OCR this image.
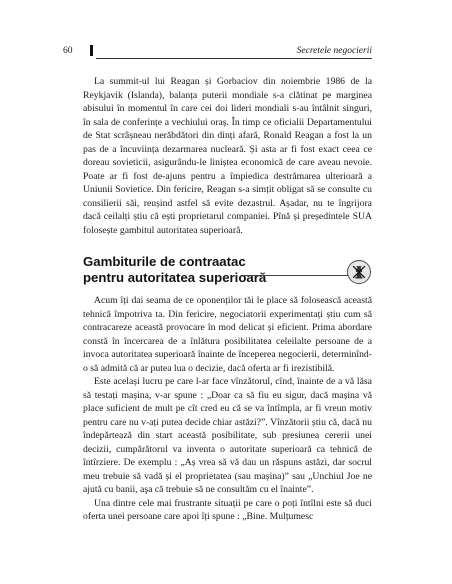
60	Secretele negocierii

La summit-ul lui Reagan și Gorbaciov din noiembrie 1986 de la Reykjavik (Islanda), balanța puterii mondiale s-a clătinat pe marginea abisului în momentul în care cei doi lideri mondiali s-au întâlnit singuri, în sala de conferințe a vechiului oraș. În timp ce oficialii Departamentului de Stat scrâșneau nerăbdători din dinți afară, Ronald Reagan a fost la un pas de a încuviința dezarmarea nucleară. Și asta ar fi fost exact ceea ce doreau sovieticii, asigurându-le liniștea economică de care aveau nevoie. Poate ar fi fost de-ajuns pentru a împiedica destrămarea ulterioară a Uniunii Sovietice. Din fericire, Reagan s-a simțit obligat să se consulte cu consilierii săi, reușind astfel să evite dezastrul. Așadar, nu te îngrijora dacă ceilalți știu că ești proprietarul companiei. Pînă și președintele SUA folosește gambitul autoritatea superioară.

Gambiturile de contraatac
pentru autoritatea superioară

Acum îți dai seama de ce oponenților tăi le place să folosească această tehnică împotriva ta. Din fericire, negociatorii experimentați știu cum să contracareze această provocare în mod delicat și eficient. Prima abordare constă în încercarea de a înlătura posibilitatea celeilalte persoane de a invoca autoritatea superioară înainte de începerea negocierii, determinînd-o să admită că ar putea lua o decizie, dacă oferta ar fi irezistibilă.

Este același lucru pe care l-ar face vînzătorul, cînd, înainte de a vă lăsa să testați mașina, v-ar spune : „Doar ca să fiu eu sigur, dacă mașina vă place suficient de mult pe cît cred eu că se va întîmpla, ar fi vreun motiv pentru care nu v-ați putea decide chiar astăzi?”. Vînzătorii știu că, dacă nu îndepărtează din start această posibilitate, sub presiunea cererii unei decizii, cumpărătorul va inventa o autoritate superioară ca tehnică de întîrziere. De exemplu : „Aș vrea să vă dau un răspuns astăzi, dar socrul meu trebuie să vadă și el proprietatea (sau mașina)” sau „Unchiul Joe ne ajută cu banii, aşa că trebuie să ne consultăm cu el înainte”.

Una dintre cele mai frustrante situații pe care o poți întîlni este să duci oferta unei persoane care apoi îți spune : „Bine. Mulțumesc
